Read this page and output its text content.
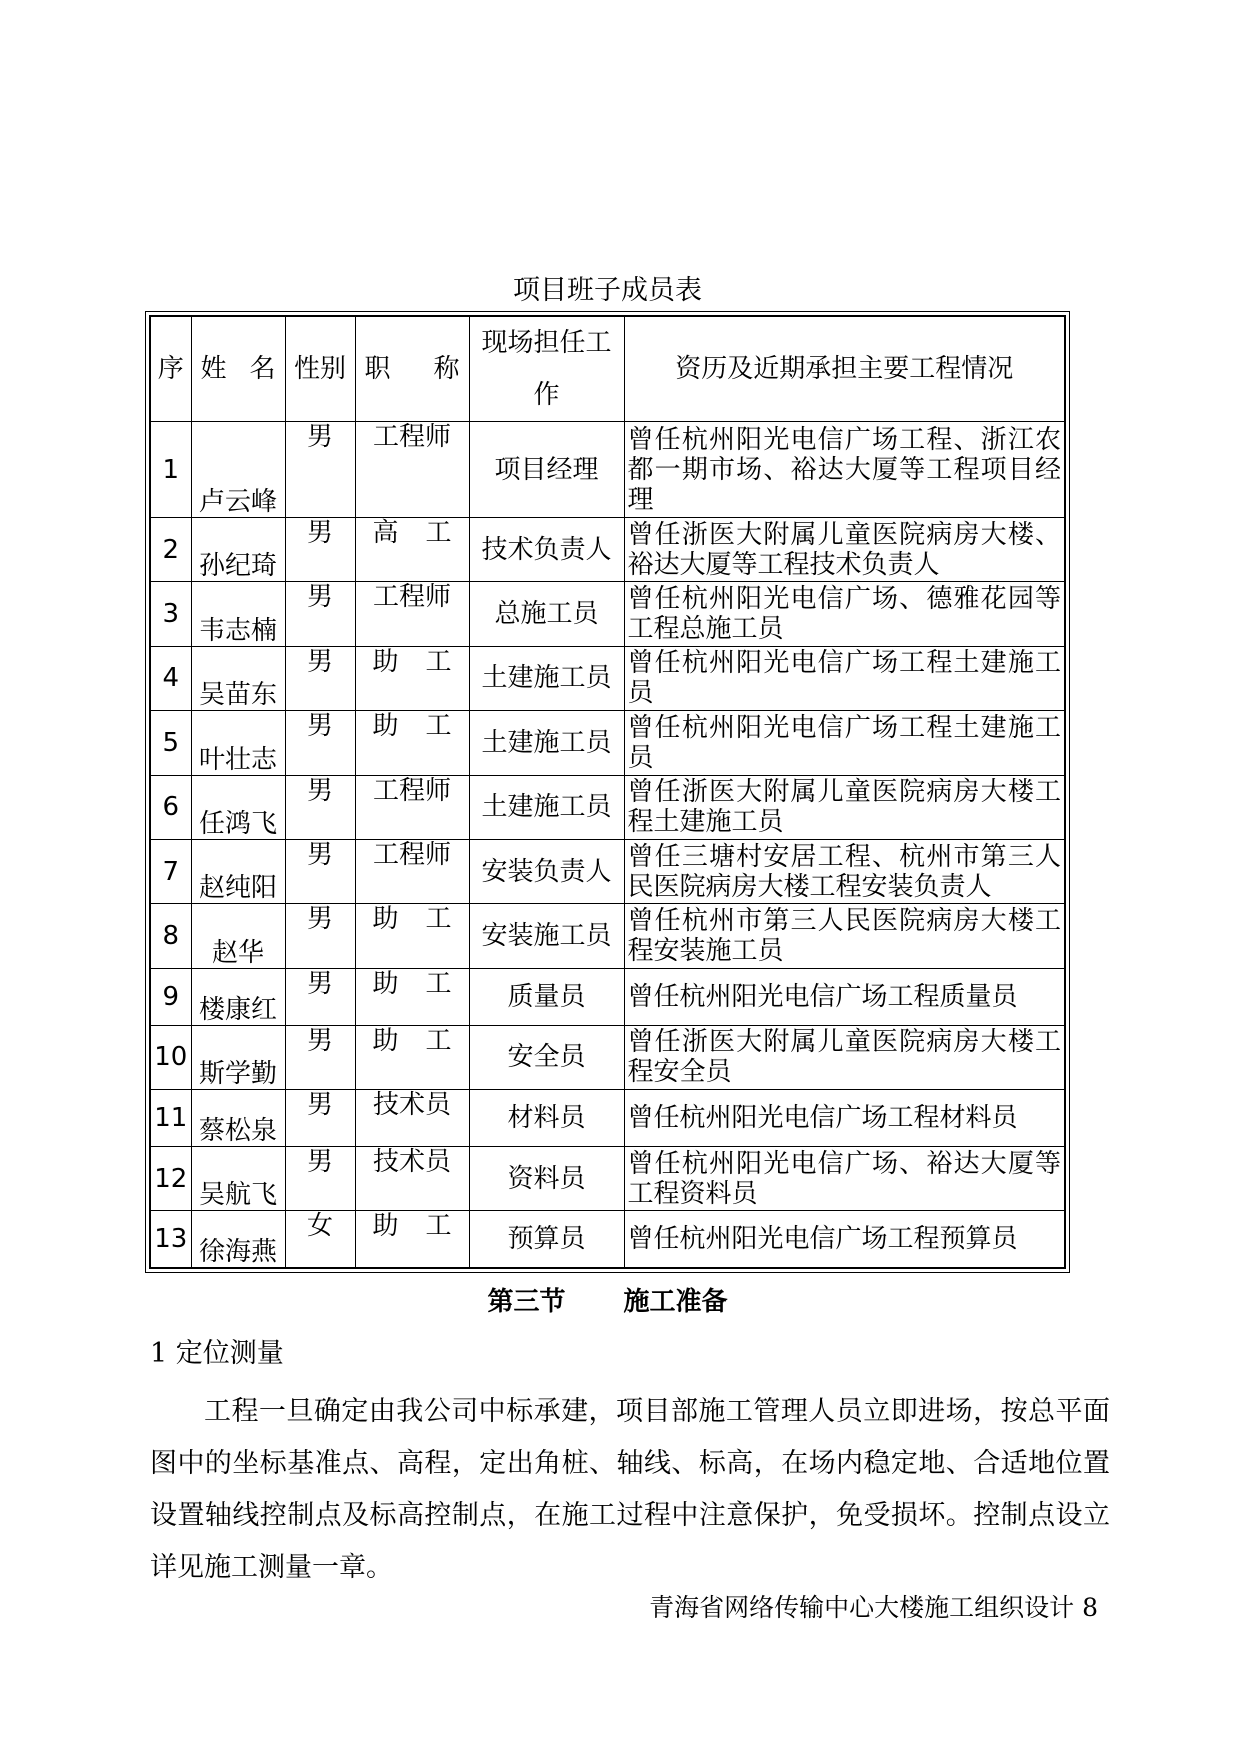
项目班子成员表
序	姓 名	性别	职 称	现场担任工作	资历及近期承担主要工程情况
1	卢云峰	男	工程师	项目经理	曾任杭州阳光电信广场工程、浙江农都一期市场、裕达大厦等工程项目经理
2	孙纪琦	男	高 工	技术负责人	曾任浙医大附属儿童医院病房大楼、裕达大厦等工程技术负责人
3	韦志楠	男	工程师	总施工员	曾任杭州阳光电信广场、德雅花园等工程总施工员
4	吴苗东	男	助 工	土建施工员	曾任杭州阳光电信广场工程土建施工员
5	叶壮志	男	助 工	土建施工员	曾任杭州阳光电信广场工程土建施工员
6	任鸿飞	男	工程师	土建施工员	曾任浙医大附属儿童医院病房大楼工程土建施工员
7	赵纯阳	男	工程师	安装负责人	曾任三塘村安居工程、杭州市第三人民医院病房大楼工程安装负责人
8	赵华	男	助 工	安装施工员	曾任杭州市第三人民医院病房大楼工程安装施工员
9	楼康红	男	助 工	质量员	曾任杭州阳光电信广场工程质量员
10	斯学勤	男	助 工	安全员	曾任浙医大附属儿童医院病房大楼工程安全员
11	蔡松泉	男	技术员	材料员	曾任杭州阳光电信广场工程材料员
12	吴航飞	男	技术员	资料员	曾任杭州阳光电信广场、裕达大厦等工程资料员
13	徐海燕	女	助 工	预算员	曾任杭州阳光电信广场工程预算员
第三节 施工准备
1 定位测量
工程一旦确定由我公司中标承建，项目部施工管理人员立即进场，按总平面图中的坐标基准点、高程，定出角桩、轴线、标高，在场内稳定地、合适地位置设置轴线控制点及标高控制点，在施工过程中注意保护，免受损坏。控制点设立详见施工测量一章。
青海省网络传输中心大楼施工组织设计 8
